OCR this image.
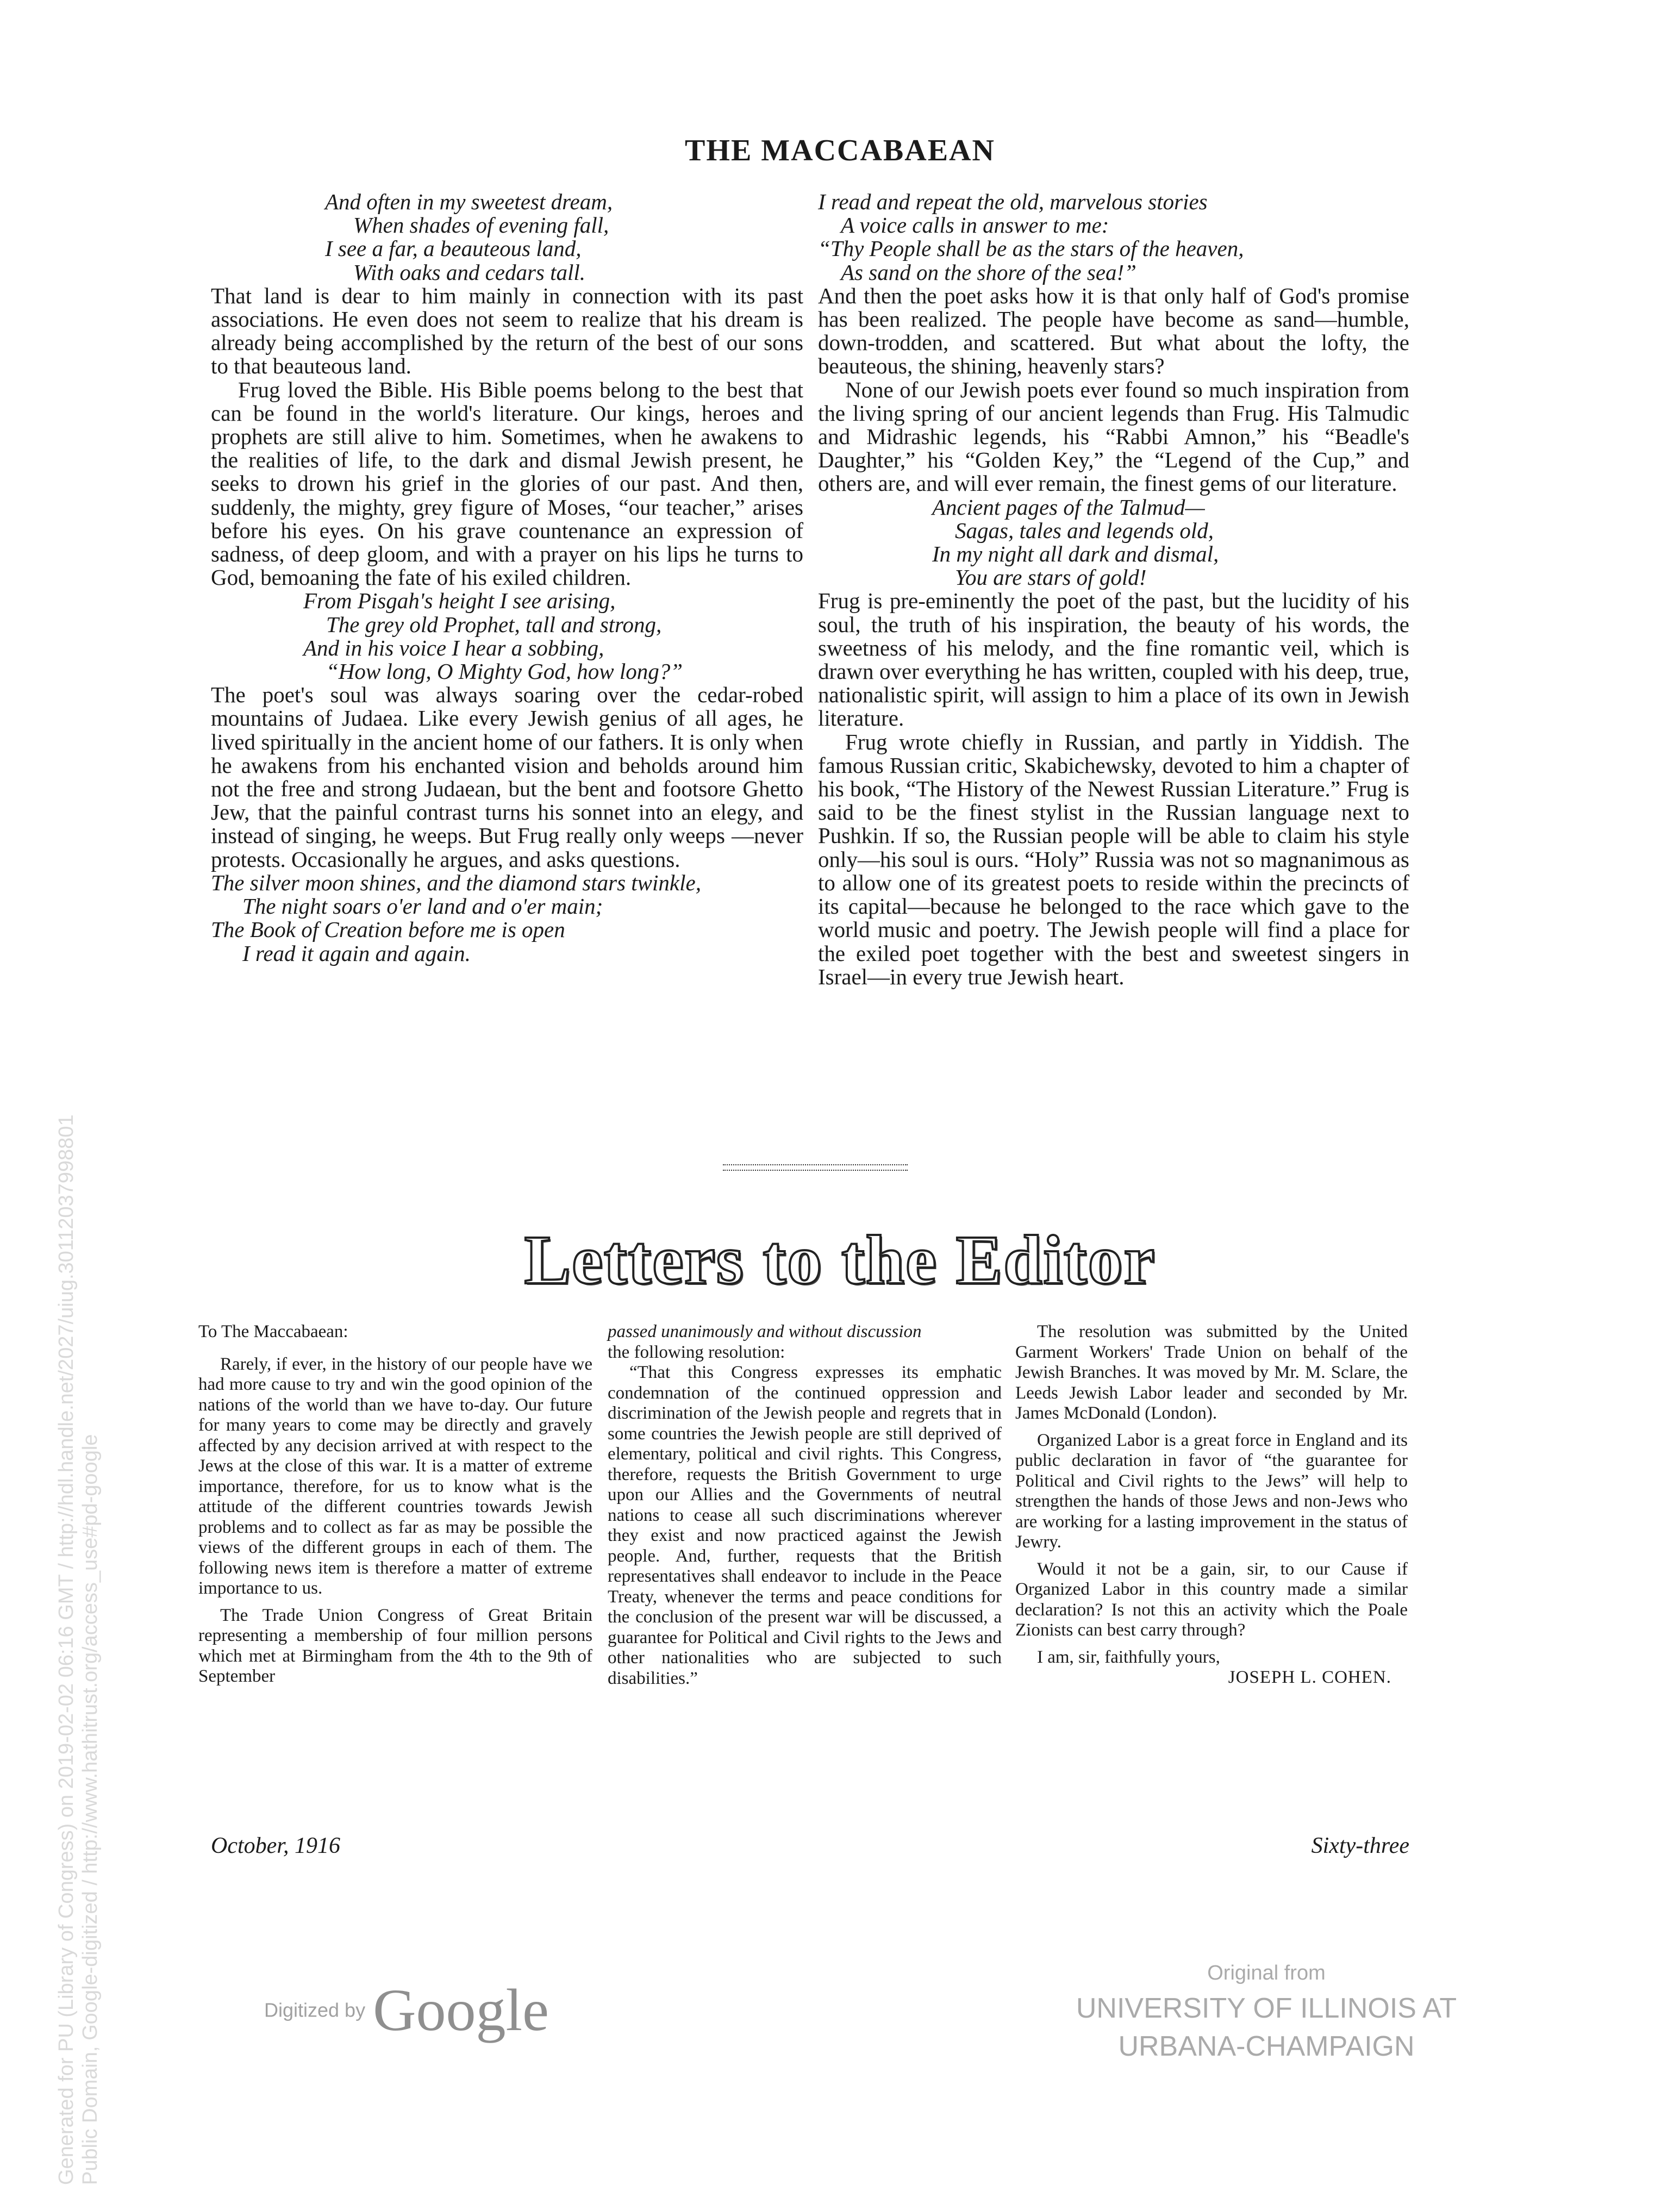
THE MACCABAEAN
And often in my sweetest dream,
When shades of evening fall,
I see a far, a beauteous land,
With oaks and cedars tall.

That land is dear to him mainly in connection with its past associations. He even does not seem to realize that his dream is already being accomplished by the return of the best of our sons to that beauteous land.

Frug loved the Bible. His Bible poems belong to the best that can be found in the world's literature. Our kings, heroes and prophets are still alive to him. Sometimes, when he awakens to the realities of life, to the dark and dismal Jewish present, he seeks to drown his grief in the glories of our past. And then, suddenly, the mighty, grey figure of Moses, “our teacher,” arises before his eyes. On his grave countenance an expression of sadness, of deep gloom, and with a prayer on his lips he turns to God, bemoaning the fate of his exiled children.

From Pisgah's height I see arising,
The grey old Prophet, tall and strong,
And in his voice I hear a sobbing,
“How long, O Mighty God, how long?”

The poet's soul was always soaring over the cedar-robed mountains of Judaea. Like every Jewish genius of all ages, he lived spiritually in the ancient home of our fathers. It is only when he awakens from his enchanted vision and beholds around him not the free and strong Judaean, but the bent and footsore Ghetto Jew, that the painful contrast turns his sonnet into an elegy, and instead of singing, he weeps. But Frug really only weeps —never protests. Occasionally he argues, and asks questions.

The silver moon shines, and the diamond stars twinkle,
The night soars o'er land and o'er main;
The Book of Creation before me is open
I read it again and again.
I read and repeat the old, marvelous stories
A voice calls in answer to me:
“Thy People shall be as the stars of the heaven,
As sand on the shore of the sea!”

And then the poet asks how it is that only half of God's promise has been realized. The people have become as sand—humble, down-trodden, and scattered. But what about the lofty, the beauteous, the shining, heavenly stars?

None of our Jewish poets ever found so much inspiration from the living spring of our ancient legends than Frug. His Talmudic and Midrashic legends, his “Rabbi Amnon,” his “Beadle's Daughter,” his “Golden Key,” the “Legend of the Cup,” and others are, and will ever remain, the finest gems of our literature.

Ancient pages of the Talmud—
Sagas, tales and legends old,
In my night all dark and dismal,
You are stars of gold!

Frug is pre-eminently the poet of the past, but the lucidity of his soul, the truth of his inspiration, the beauty of his words, the sweetness of his melody, and the fine romantic veil, which is drawn over everything he has written, coupled with his deep, true, nationalistic spirit, will assign to him a place of its own in Jewish literature.

Frug wrote chiefly in Russian, and partly in Yiddish. The famous Russian critic, Skabichewsky, devoted to him a chapter of his book, “The History of the Newest Russian Literature.” Frug is said to be the finest stylist in the Russian language next to Pushkin. If so, the Russian people will be able to claim his style only—his soul is ours. “Holy” Russia was not so magnanimous as to allow one of its greatest poets to reside within the precincts of its capital—because he belonged to the race which gave to the world music and poetry. The Jewish people will find a place for the exiled poet together with the best and sweetest singers in Israel—in every true Jewish heart.

Letters to the Editor

To The Maccabaean:

Rarely, if ever, in the history of our people have we had more cause to try and win the good opinion of the nations of the world than we have to-day. Our future for many years to come may be directly and gravely affected by any decision arrived at with respect to the Jews at the close of this war. It is a matter of extreme importance, therefore, for us to know what is the attitude of the different countries towards Jewish problems and to collect as far as may be possible the views of the different groups in each of them. The following news item is therefore a matter of extreme importance to us.

The Trade Union Congress of Great Britain representing a membership of four million persons which met at Birmingham from the 4th to the 9th of September

passed unanimously and without discussion

the following resolution:

“That this Congress expresses its emphatic condemnation of the continued oppression and discrimination of the Jewish people and regrets that in some countries the Jewish people are still deprived of elementary, political and civil rights. This Congress, therefore, requests the British Government to urge upon our Allies and the Governments of neutral nations to cease all such discriminations wherever they exist and now practiced against the Jewish people. And, further, requests that the British representatives shall endeavor to include in the Peace Treaty, whenever the terms and peace conditions for the conclusion of the present war will be discussed, a guarantee for Political and Civil rights to the Jews and other nationalities who are subjected to such disabilities.”

The resolution was submitted by the United Garment Workers' Trade Union on behalf of the Jewish Branches. It was moved by Mr. M. Sclare, the Leeds Jewish Labor leader and seconded by Mr. James McDonald (London).

Organized Labor is a great force in England and its public declaration in favor of “the guarantee for Political and Civil rights to the Jews” will help to strengthen the hands of those Jews and non-Jews who are working for a lasting improvement in the status of Jewry.

Would it not be a gain, sir, to our Cause if Organized Labor in this country made a similar declaration? Is not this an activity which the Poale Zionists can best carry through?

I am, sir, faithfully yours,

JOSEPH L. COHEN.

October, 1916	Sixty-three
Generated for PU (Library of Congress) on 2019-02-02 06:16 GMT / http://hdl.handle.net/2027/uiug.30112037998801 Public Domain, Google-digitized / http://www.hathitrust.org/access_use#pd-google	Digitized by Google
Original from
UNIVERSITY OF ILLINOIS AT
URBANA-CHAMPAIGN
